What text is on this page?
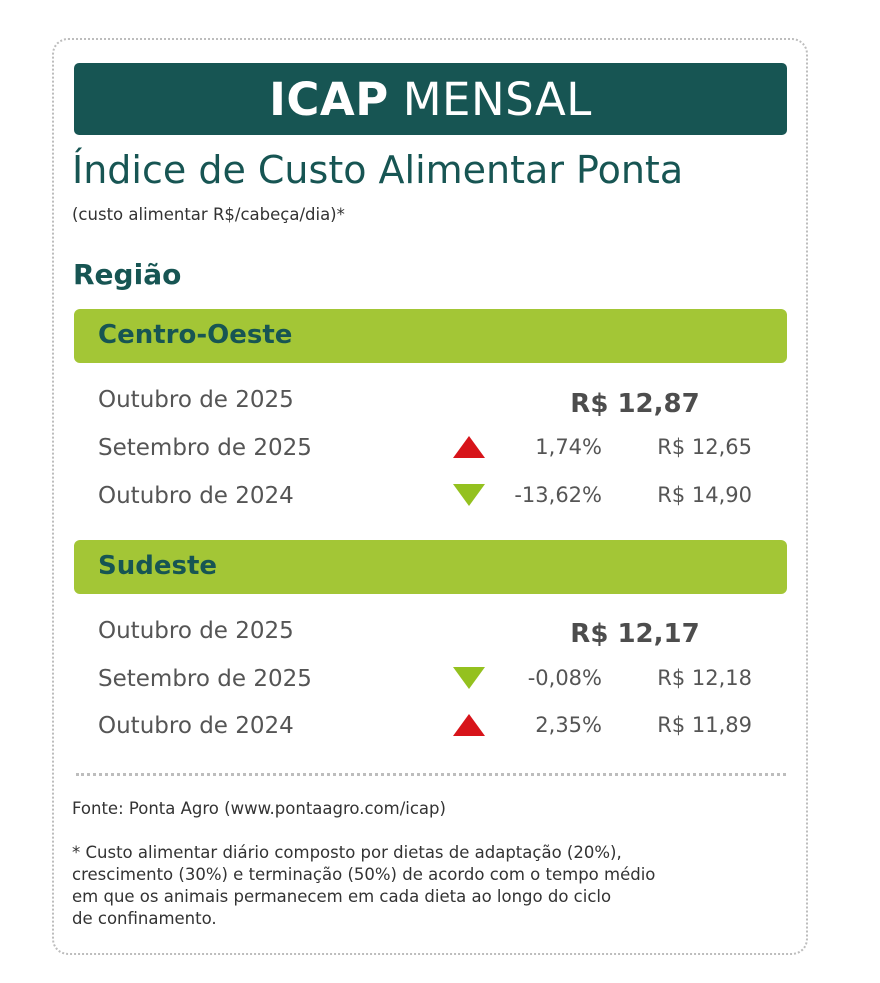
ICAP MENSAL
Índice de Custo Alimentar Ponta
(custo alimentar R$/cabeça/dia)*
Região
Centro-Oeste
Outubro de 2025	R$ 12,87
Setembro de 2025	1,74%	R$ 12,65
Outubro de 2024	-13,62%	R$ 14,90
Sudeste
Outubro de 2025	R$ 12,17
Setembro de 2025	-0,08%	R$ 12,18
Outubro de 2024	2,35%	R$ 11,89
Fonte: Ponta Agro (www.pontaagro.com/icap)
* Custo alimentar diário composto por dietas de adaptação (20%),
crescimento (30%) e terminação (50%) de acordo com o tempo médio
em que os animais permanecem em cada dieta ao longo do ciclo
de confinamento.
